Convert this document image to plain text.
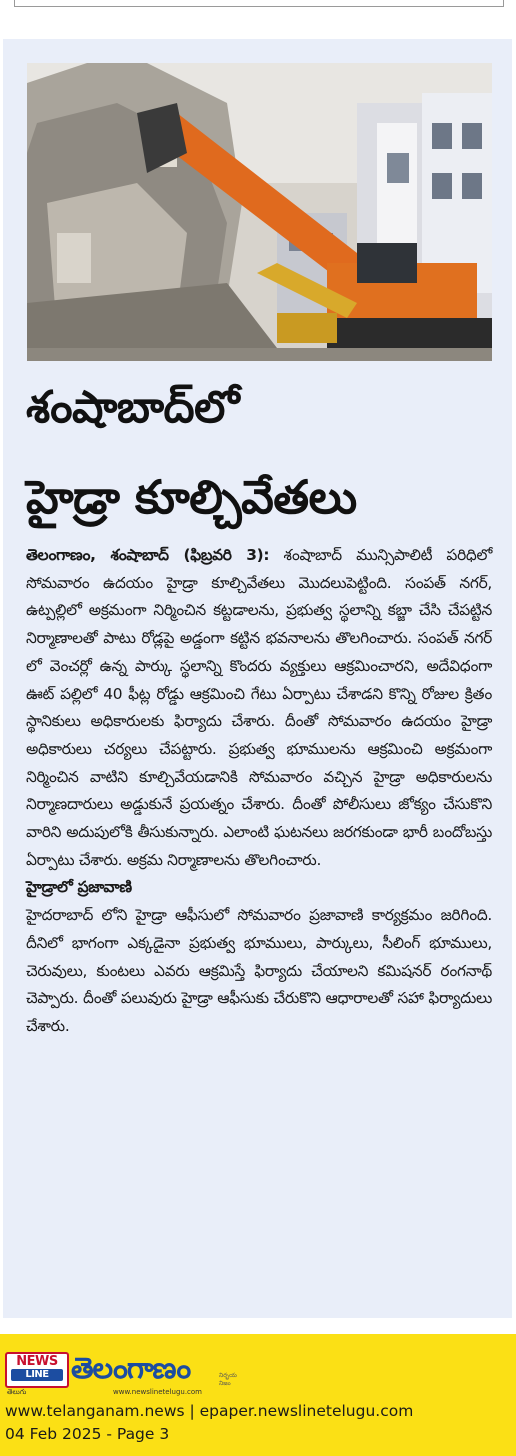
శంషాబాద్‌లో
హైడ్రా కూల్చివేతలు

తెలంగాణం, శంషాబాద్ (ఫిబ్రవరి 3): శంషాబాద్ మున్సిపాలిటీ పరిధిలో సోమవారం ఉదయం హైడ్రా కూల్చివేతలు మొదలుపెట్టింది. సంపత్ నగర్, ఉట్పల్లిలో అక్రమంగా నిర్మించిన కట్టడాలను, ప్రభుత్వ స్థలాన్ని కబ్జా చేసి చేపట్టిన నిర్మాణాలతో పాటు రోడ్లపై అడ్డంగా కట్టిన భవనాలను తొలగించారు. సంపత్ నగర్ లో వెంచర్లో ఉన్న పార్కు స్థలాన్ని కొందరు వ్యక్తులు ఆక్రమించారని, అదేవిధంగా ఊట్ పల్లిలో 40 ఫీట్ల రోడ్డు ఆక్రమించి గేటు ఏర్పాటు చేశాడని కొన్ని రోజుల క్రితం స్థానికులు అధికారులకు ఫిర్యాదు చేశారు. దీంతో సోమవారం ఉదయం హైడ్రా అధికారులు చర్యలు చేపట్టారు. ప్రభుత్వ భూములను ఆక్రమించి అక్రమంగా నిర్మించిన వాటిని కూల్చివేయడానికి సోమవారం వచ్చిన హైడ్రా అధికారులను నిర్మాణదారులు అడ్డుకునే ప్రయత్నం చేశారు. దీంతో పోలీసులు జోక్యం చేసుకొని వారిని అదుపులోకి తీసుకున్నారు. ఎలాంటి ఘటనలు జరగకుండా భారీ బందోబస్తు ఏర్పాటు చేశారు. అక్రమ నిర్మాణాలను తొలగించారు.

హైడ్రాలో ప్రజావాణి

హైదరాబాద్ లోని హైడ్రా ఆఫీసులో సోమవారం ప్రజావాణి కార్యక్రమం జరిగింది. దీనిలో భాగంగా ఎక్కడైనా ప్రభుత్వ భూములు, పార్కులు, సీలింగ్ భూములు, చెరువులు, కుంటలు ఎవరు ఆక్రమిస్తే ఫిర్యాదు చేయాలని కమిషనర్ రంగనాథ్ చెప్పారు. దీంతో పలువురు హైడ్రా ఆఫీసుకు చేరుకొని ఆధారాలతో సహా ఫిర్యాదులు చేశారు.

NEWS
LINE
తెలుగు
తెలంగాణం	నిర్భయ నిజం
www.newslinetelugu.com
www.telanganam.news | epaper.newslinetelugu.com
04 Feb 2025 - Page 3
